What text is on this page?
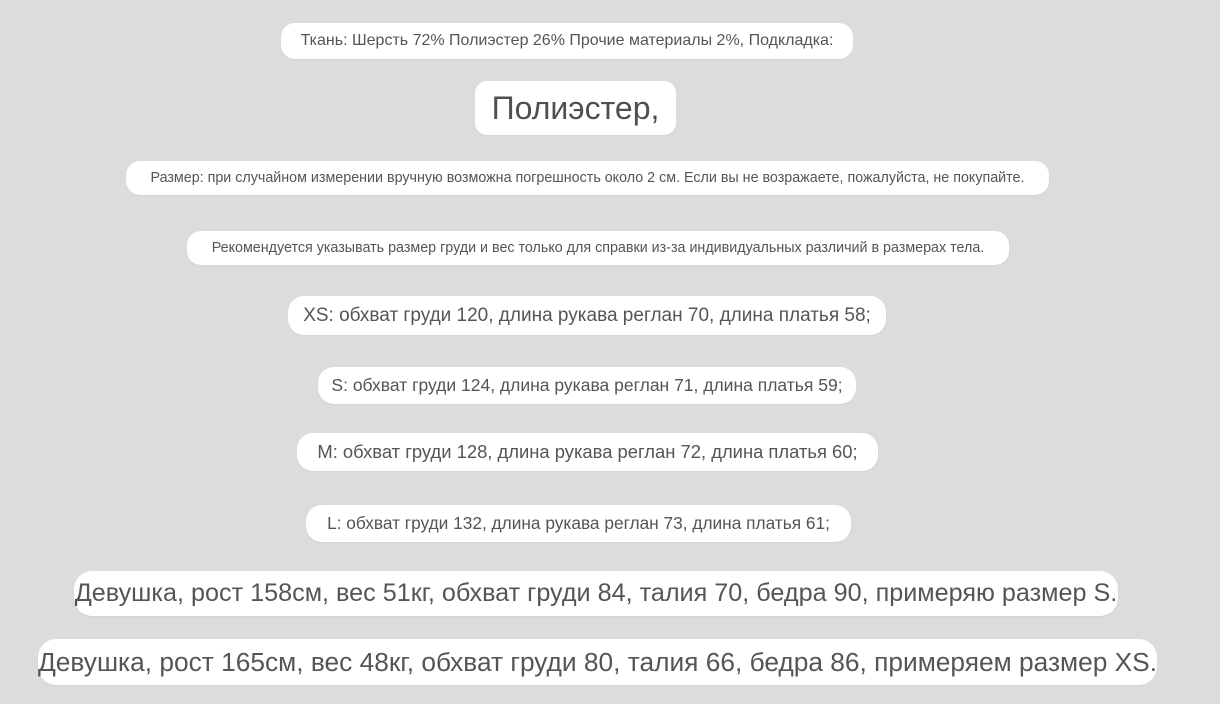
Ткань: Шерсть 72% Полиэстер 26% Прочие материалы 2%, Подкладка:
Полиэстер,
Размер: при случайном измерении вручную возможна погрешность около 2 см. Если вы не возражаете, пожалуйста, не покупайте.
Рекомендуется указывать размер груди и вес только для справки из-за индивидуальных различий в размерах тела.
XS: обхват груди 120, длина рукава реглан 70, длина платья 58;
S: обхват груди 124, длина рукава реглан 71, длина платья 59;
M: обхват груди 128, длина рукава реглан 72, длина платья 60;
L: обхват груди 132, длина рукава реглан 73, длина платья 61;
Девушка, рост 158см, вес 51кг, обхват груди 84, талия 70, бедра 90, примеряю размер S.
Девушка, рост 165см, вес 48кг, обхват груди 80, талия 66, бедра 86, примеряем размер XS.
